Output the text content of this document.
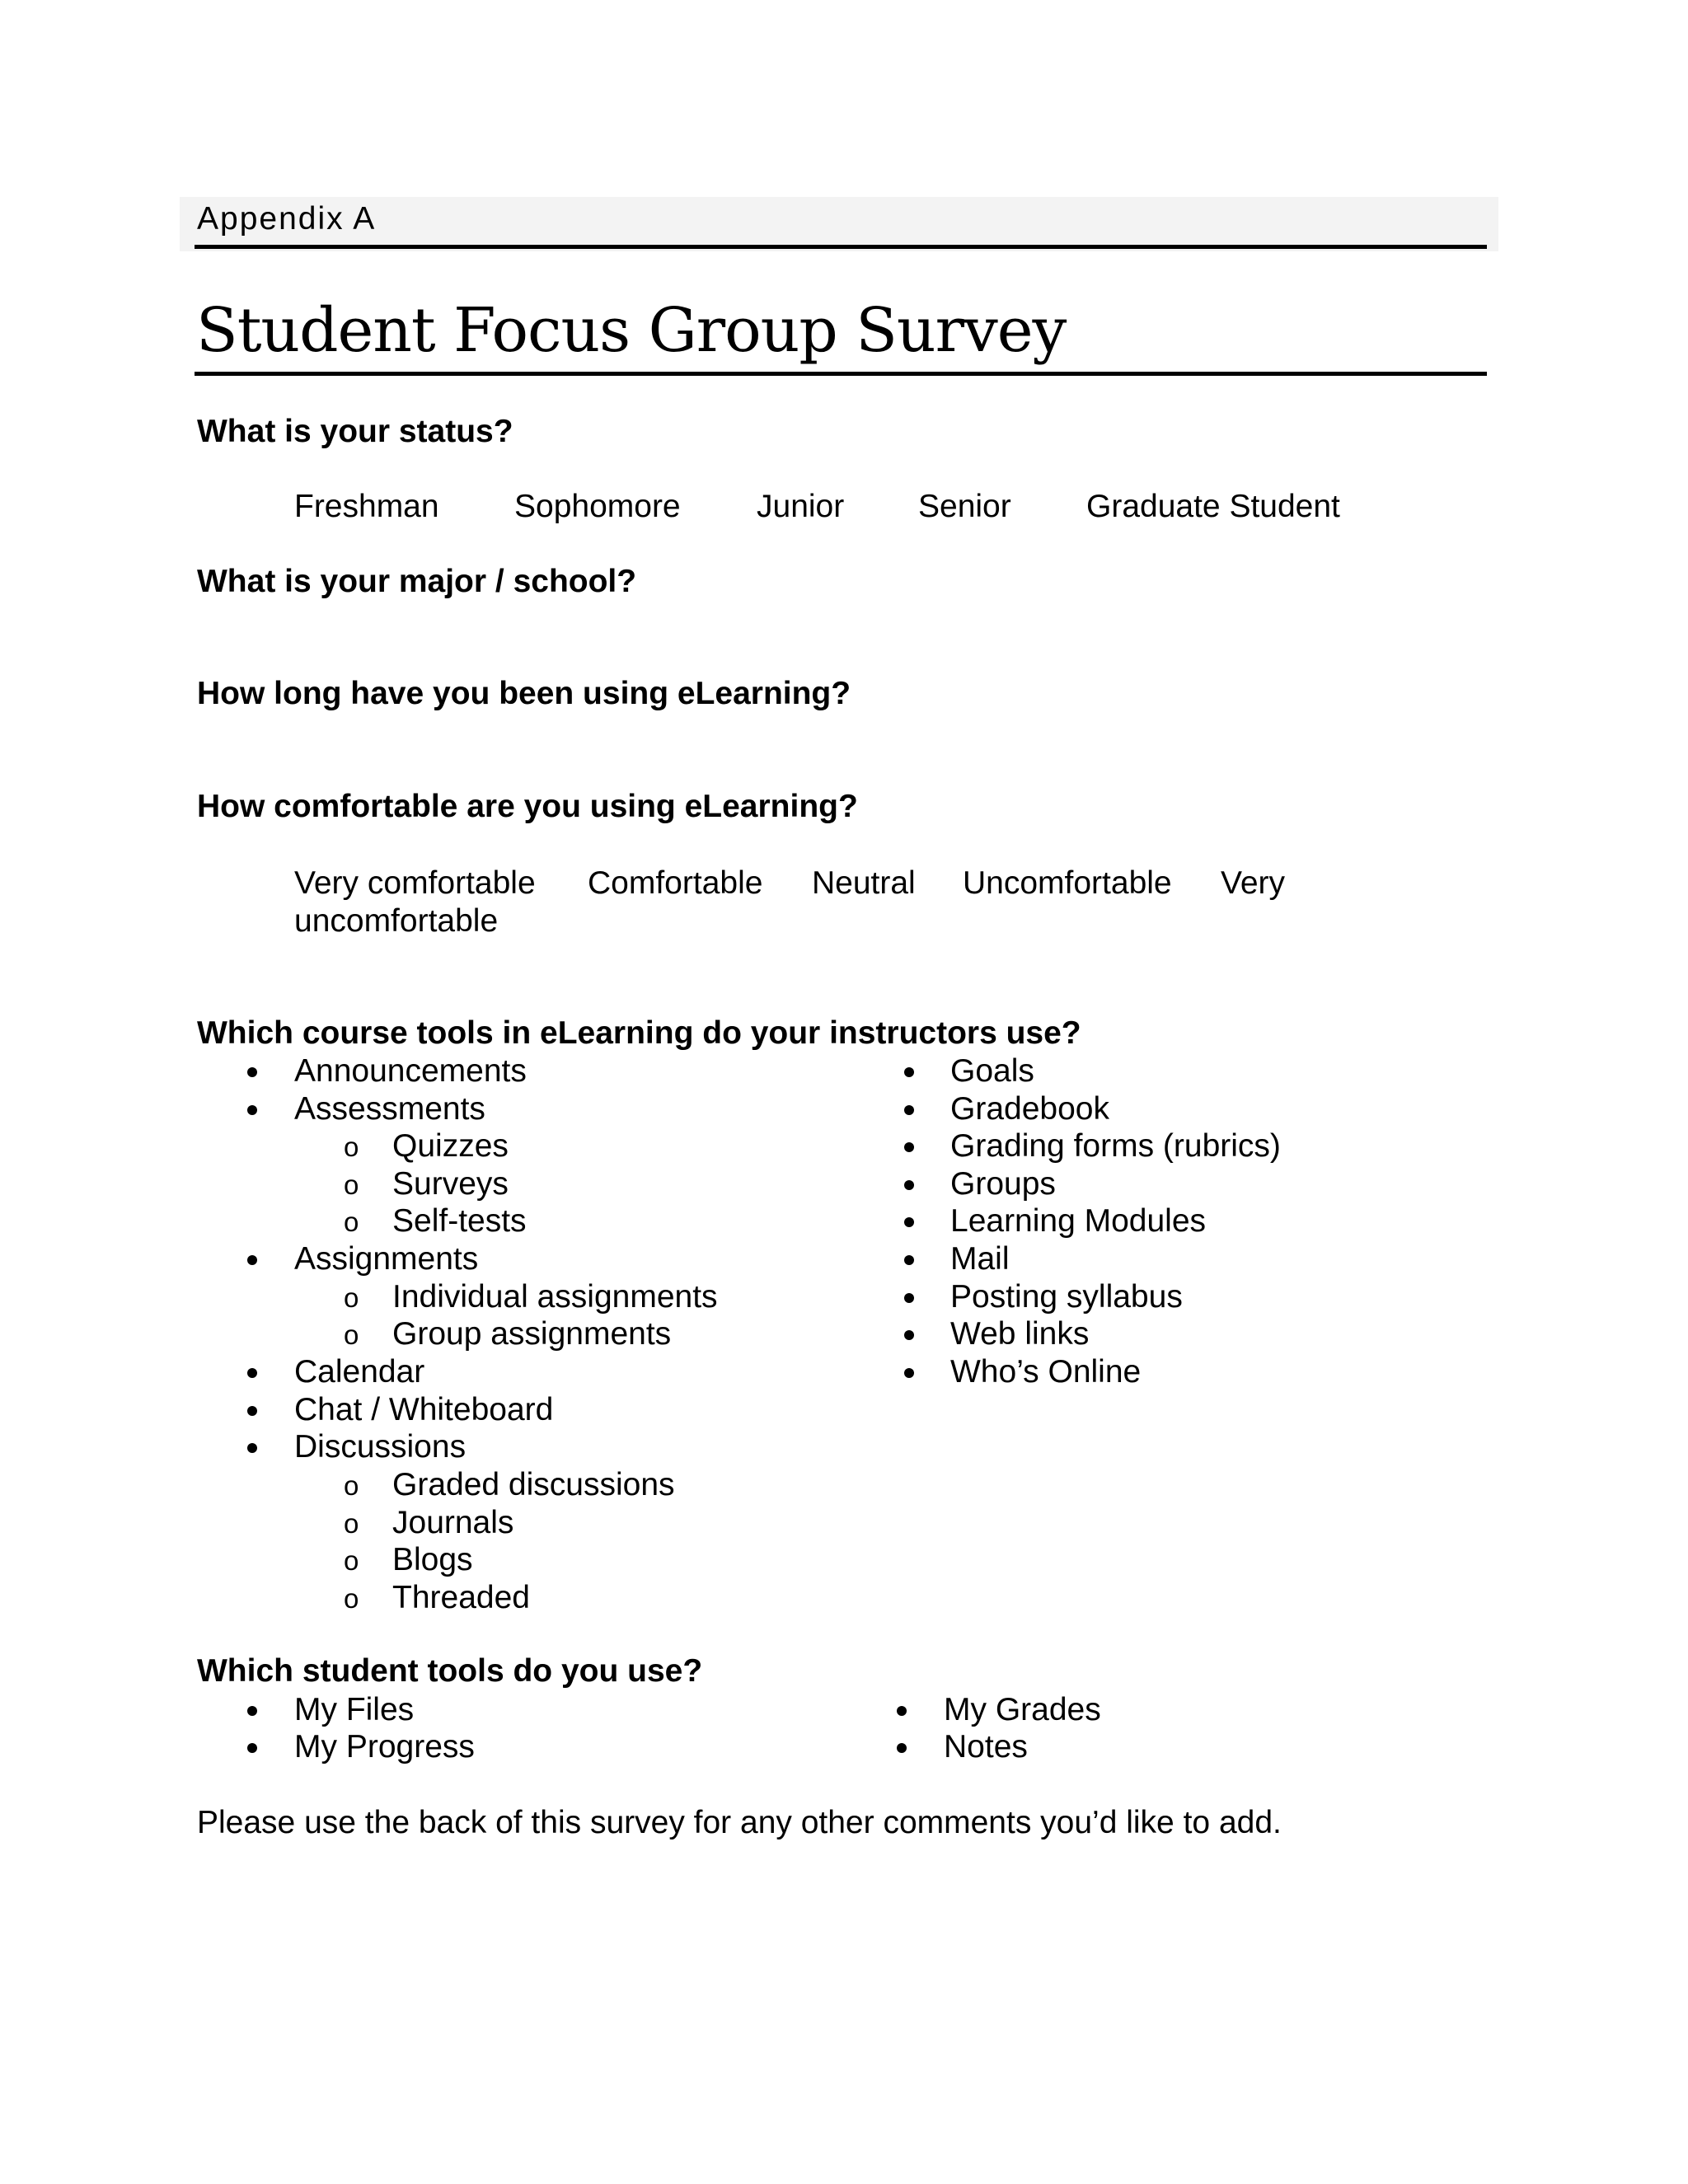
Appendix A
Student Focus Group Survey
What is your status?
Freshman Sophomore Junior Senior Graduate Student
What is your major / school?
How long have you been using eLearning?
How comfortable are you using eLearning?
Very comfortable Comfortable Neutral Uncomfortable Very
uncomfortable
Which course tools in eLearning do your instructors use?
Announcements
Assessments
o Quizzes
o Surveys
o Self-tests
Assignments
o Individual assignments
o Group assignments
Calendar
Chat / Whiteboard
Discussions
o Graded discussions
o Journals
o Blogs
o Threaded
Goals
Gradebook
Grading forms (rubrics)
Groups
Learning Modules
Mail
Posting syllabus
Web links
Who’s Online
Which student tools do you use?
My Files
My Progress
My Grades
Notes
Please use the back of this survey for any other comments you’d like to add.
